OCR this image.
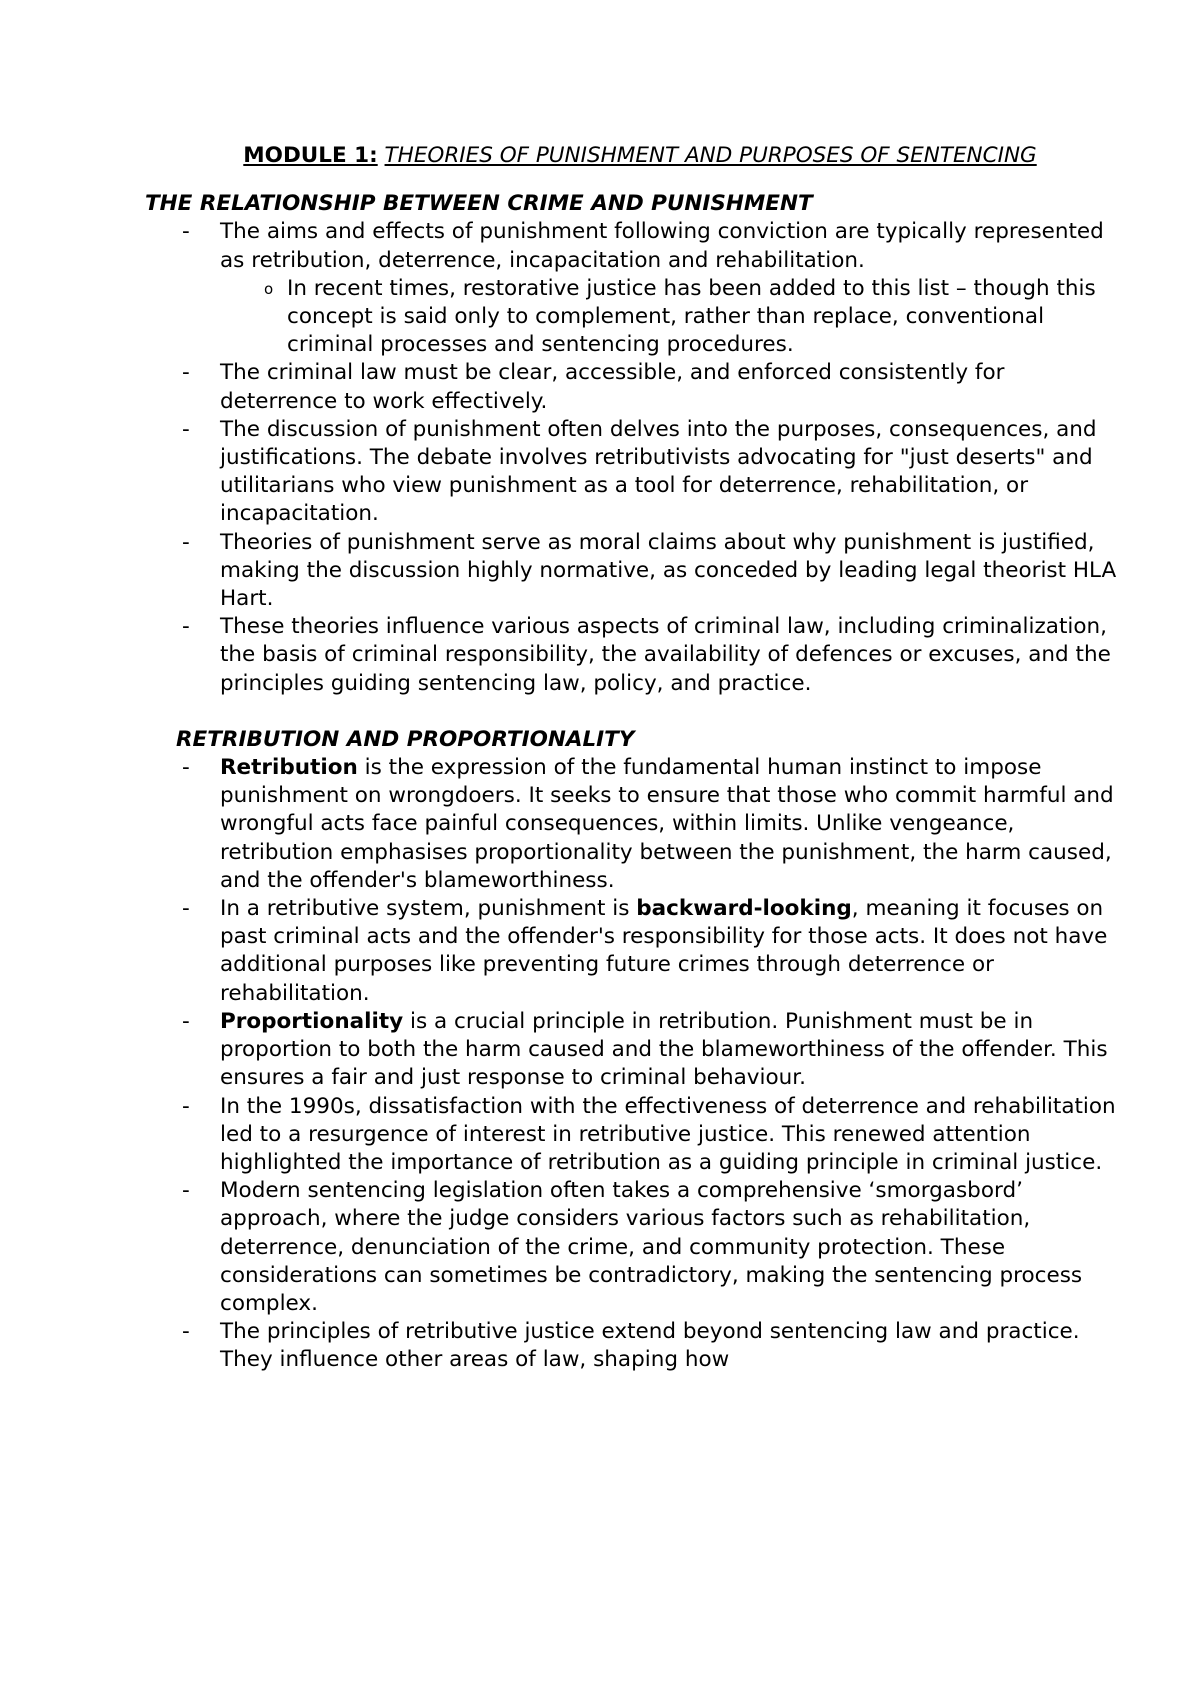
MODULE 1: THEORIES OF PUNISHMENT AND PURPOSES OF SENTENCING

THE RELATIONSHIP BETWEEN CRIME AND PUNISHMENT

- The aims and effects of punishment following conviction are typically represented as retribution, deterrence, incapacitation and rehabilitation.
o In recent times, restorative justice has been added to this list – though this concept is said only to complement, rather than replace, conventional criminal processes and sentencing procedures.
- The criminal law must be clear, accessible, and enforced consistently for deterrence to work effectively.
- The discussion of punishment often delves into the purposes, consequences, and justifications. The debate involves retributivists advocating for "just deserts" and utilitarians who view punishment as a tool for deterrence, rehabilitation, or incapacitation.
- Theories of punishment serve as moral claims about why punishment is justified, making the discussion highly normative, as conceded by leading legal theorist HLA Hart.
- These theories influence various aspects of criminal law, including criminalization, the basis of criminal responsibility, the availability of defences or excuses, and the principles guiding sentencing law, policy, and practice.

RETRIBUTION AND PROPORTIONALITY

- Retribution is the expression of the fundamental human instinct to impose punishment on wrongdoers. It seeks to ensure that those who commit harmful and wrongful acts face painful consequences, within limits. Unlike vengeance, retribution emphasises proportionality between the punishment, the harm caused, and the offender's blameworthiness.
- In a retributive system, punishment is backward-looking, meaning it focuses on past criminal acts and the offender's responsibility for those acts. It does not have additional purposes like preventing future crimes through deterrence or rehabilitation.
- Proportionality is a crucial principle in retribution. Punishment must be in proportion to both the harm caused and the blameworthiness of the offender. This ensures a fair and just response to criminal behaviour.
- In the 1990s, dissatisfaction with the effectiveness of deterrence and rehabilitation led to a resurgence of interest in retributive justice. This renewed attention highlighted the importance of retribution as a guiding principle in criminal justice.
- Modern sentencing legislation often takes a comprehensive ‘smorgasbord’ approach, where the judge considers various factors such as rehabilitation, deterrence, denunciation of the crime, and community protection. These considerations can sometimes be contradictory, making the sentencing process complex.
- The principles of retributive justice extend beyond sentencing law and practice. They influence other areas of law, shaping how
